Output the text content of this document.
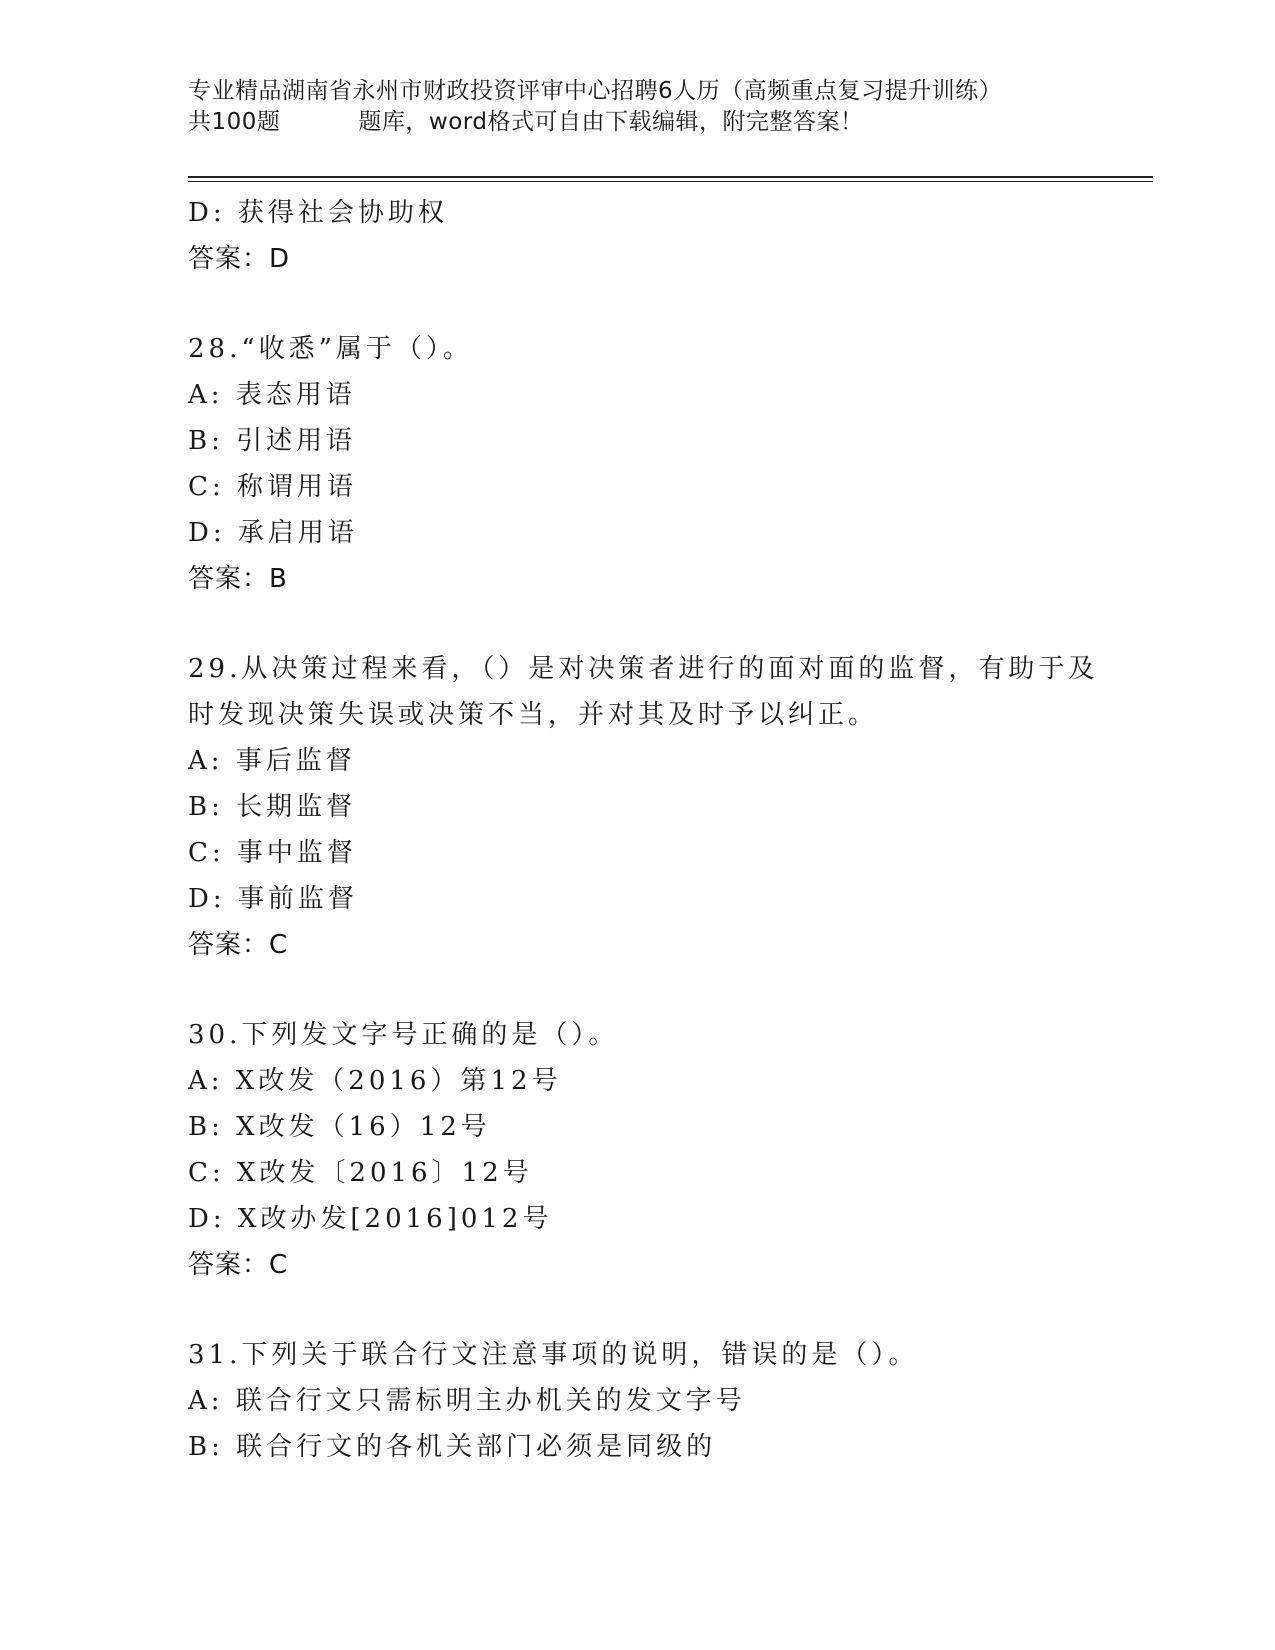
专业精品湖南省永州市财政投资评审中心招聘6人历（高频重点复习提升训练）
共100题	题库，word格式可自由下载编辑，附完整答案！
D: 获得社会协助权
答案：D
28.“收悉”属于（）。
A: 表态用语
B: 引述用语
C: 称谓用语
D: 承启用语
答案：B
29.从决策过程来看，（）是对决策者进行的面对面的监督，有助于及
时发现决策失误或决策不当，并对其及时予以纠正。
A: 事后监督
B: 长期监督
C: 事中监督
D: 事前监督
答案：C
30.下列发文字号正确的是（）。
A: X改发（2016）第12号
B: X改发（16）12号
C: X改发〔2016〕12号
D: X改办发[2016]012号
答案：C
31.下列关于联合行文注意事项的说明，错误的是（）。
A: 联合行文只需标明主办机关的发文字号
B: 联合行文的各机关部门必须是同级的
